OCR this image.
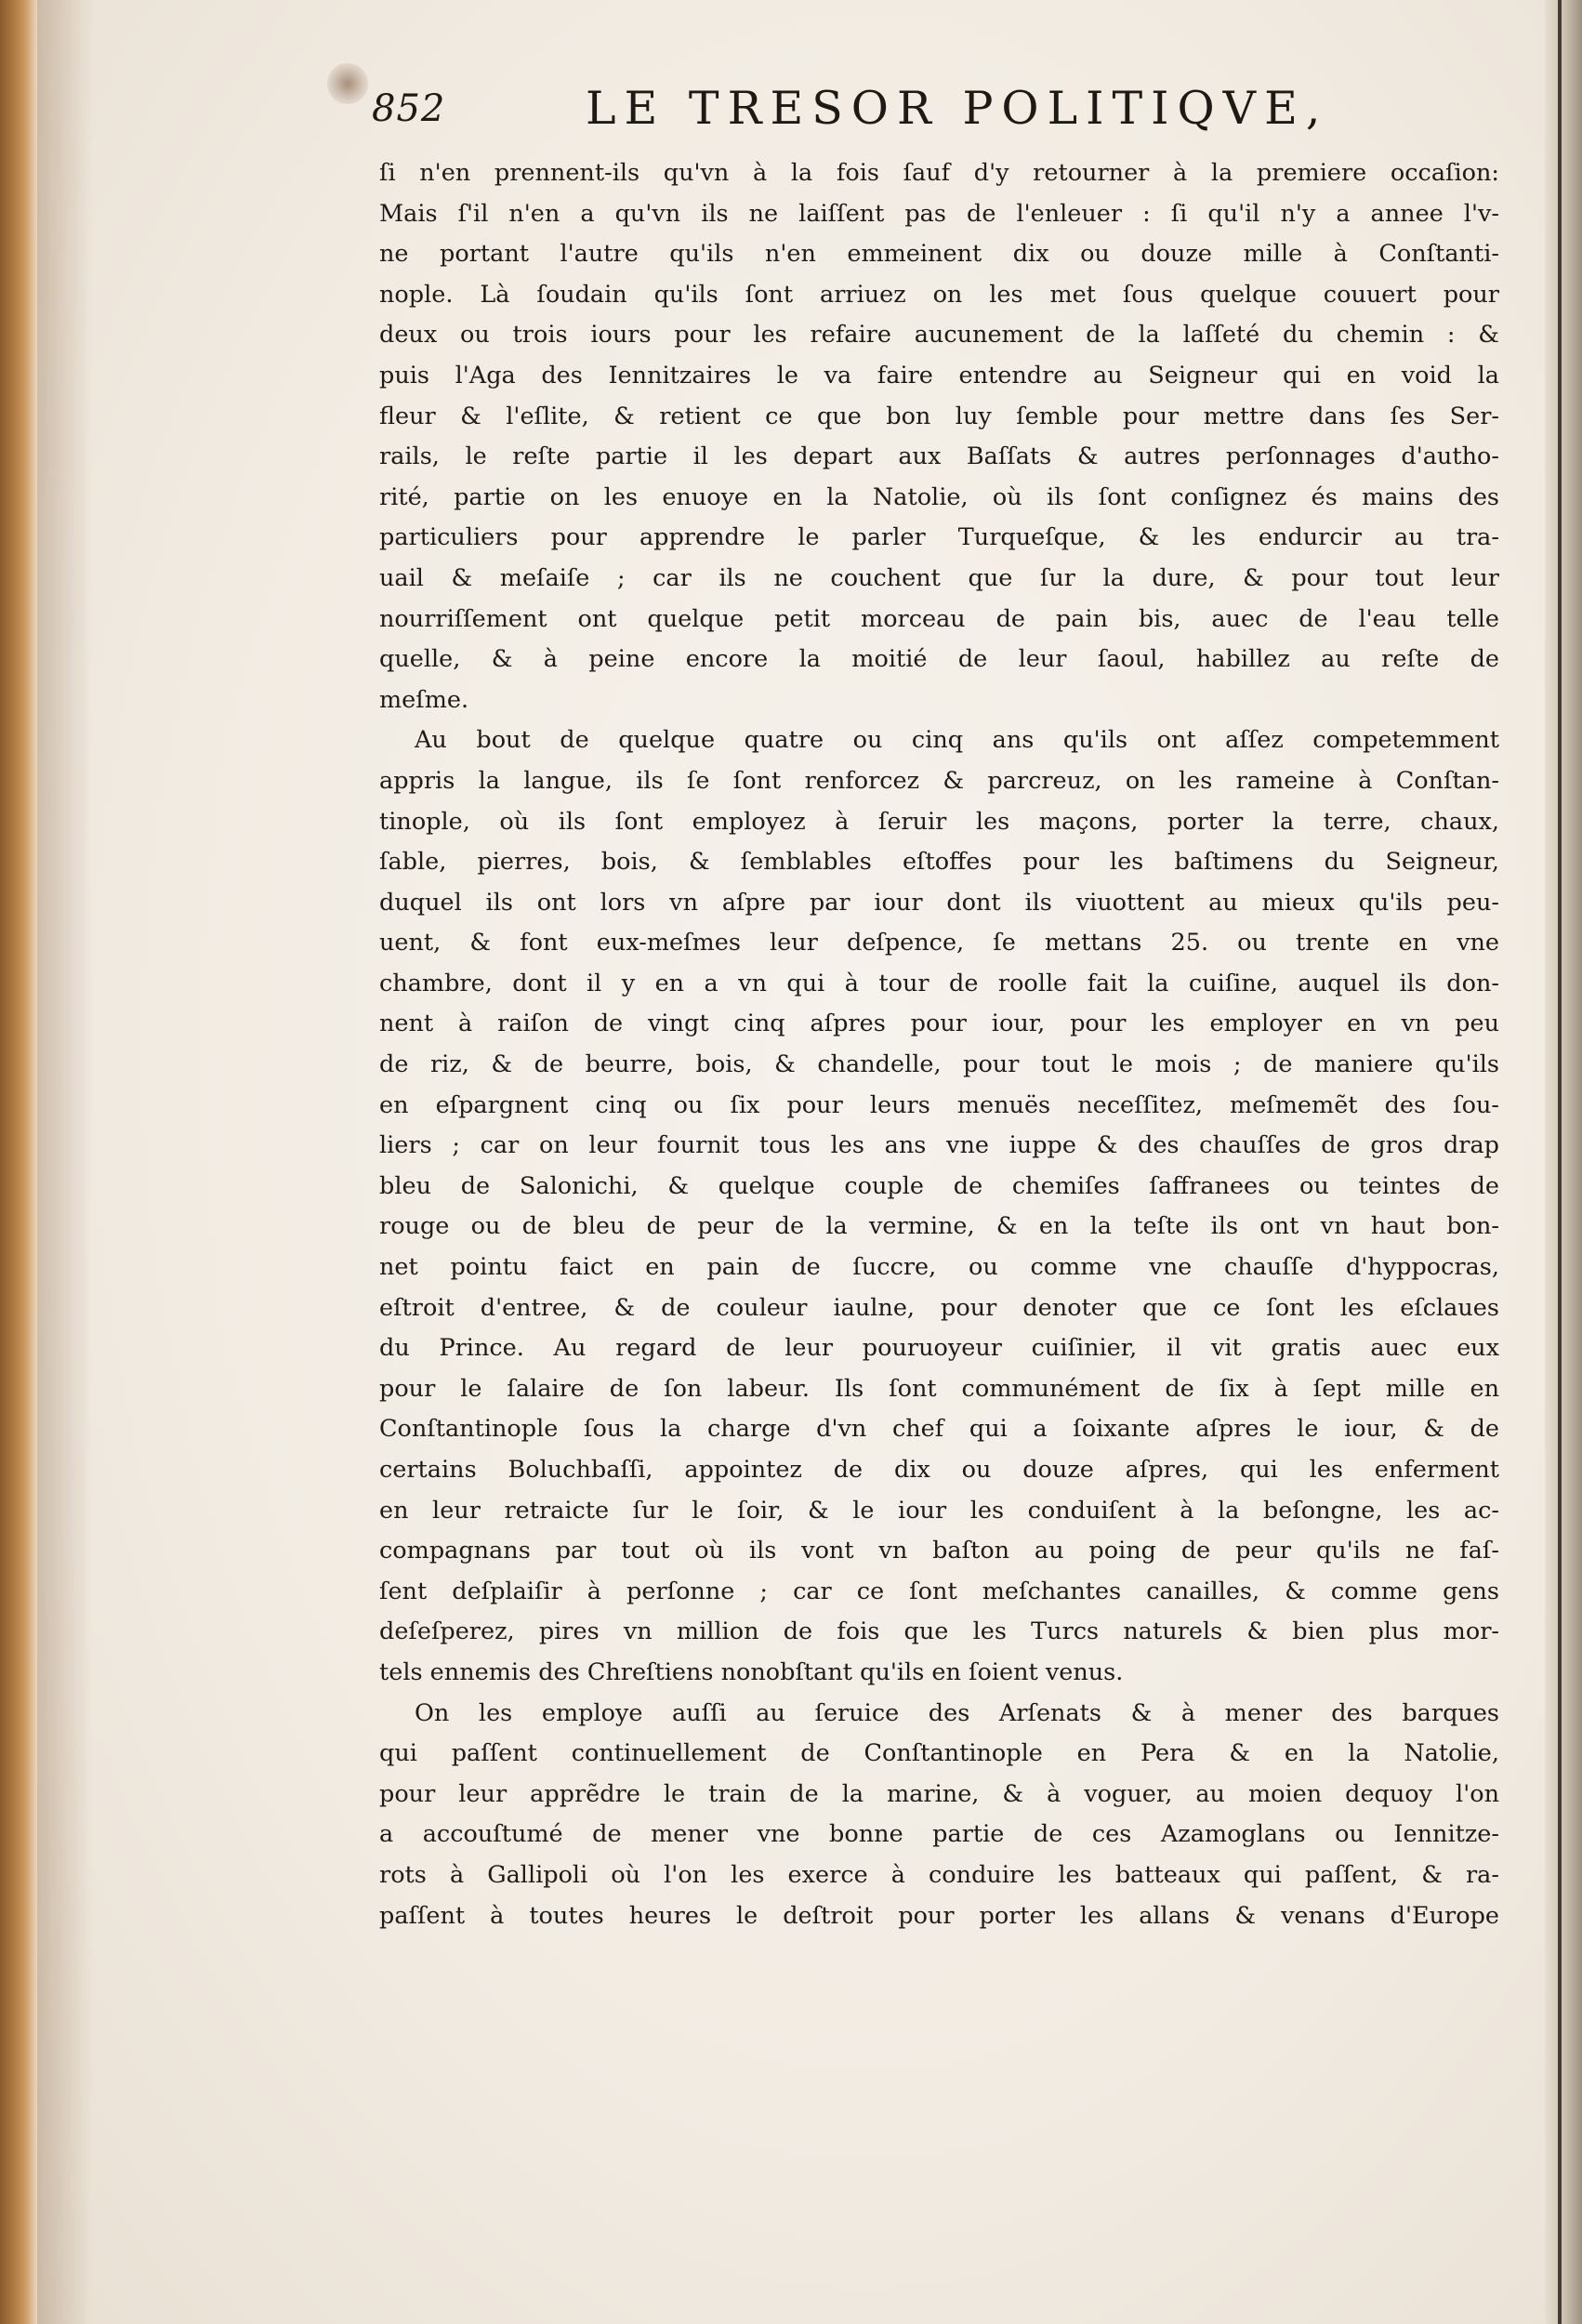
852	LE TRESOR POLITIQVE,
ſi n'en prennent-ils qu'vn à la fois ſauf d'y retourner à la premiere occaſion:
Mais ſ'il n'en a qu'vn ils ne laiſſent pas de l'enleuer : ſi qu'il n'y a annee l'v-
ne portant l'autre qu'ils n'en emmeinent dix ou douze mille à Conſtanti-
nople. Là ſoudain qu'ils ſont arriuez on les met ſous quelque couuert pour
deux ou trois iours pour les refaire aucunement de la laſſeté du chemin : &
puis l'Aga des Iennitzaires le va faire entendre au Seigneur qui en void la
fleur & l'eſlite, & retient ce que bon luy ſemble pour mettre dans ſes Ser-
rails, le reſte partie il les depart aux Baſſats & autres perſonnages d'autho-
rité, partie on les enuoye en la Natolie, où ils ſont conſignez és mains des
particuliers pour apprendre le parler Turqueſque, & les endurcir au tra-
uail & meſaiſe ; car ils ne couchent que ſur la dure, & pour tout leur
nourriſſement ont quelque petit morceau de pain bis, auec de l'eau telle
quelle, & à peine encore la moitié de leur ſaoul, habillez au reſte de
meſme.
Au bout de quelque quatre ou cinq ans qu'ils ont aſſez competemment
appris la langue, ils ſe ſont renforcez & parcreuz, on les rameine à Conſtan-
tinople, où ils ſont employez à ſeruir les maçons, porter la terre, chaux,
ſable, pierres, bois, & ſemblables eſtoffes pour les baſtimens du Seigneur,
duquel ils ont lors vn aſpre par iour dont ils viuottent au mieux qu'ils peu-
uent, & font eux-meſmes leur deſpence, ſe mettans 25. ou trente en vne
chambre, dont il y en a vn qui à tour de roolle fait la cuiſine, auquel ils don-
nent à raiſon de vingt cinq aſpres pour iour, pour les employer en vn peu
de riz, & de beurre, bois, & chandelle, pour tout le mois ; de maniere qu'ils
en eſpargnent cinq ou ſix pour leurs menuës neceſſitez, meſmemẽt des ſou-
liers ; car on leur fournit tous les ans vne iuppe & des chauſſes de gros drap
bleu de Salonichi, & quelque couple de chemiſes ſaffranees ou teintes de
rouge ou de bleu de peur de la vermine, & en la teſte ils ont vn haut bon-
net pointu faict en pain de ſuccre, ou comme vne chauſſe d'hyppocras,
eſtroit d'entree, & de couleur iaulne, pour denoter que ce ſont les eſclaues
du Prince. Au regard de leur pouruoyeur cuiſinier, il vit gratis auec eux
pour le ſalaire de ſon labeur. Ils ſont communément de ſix à ſept mille en
Conſtantinople ſous la charge d'vn chef qui a ſoixante aſpres le iour, & de
certains Boluchbaſſi, appointez de dix ou douze aſpres, qui les enferment
en leur retraicte ſur le ſoir, & le iour les conduiſent à la beſongne, les ac-
compagnans par tout où ils vont vn baſton au poing de peur qu'ils ne faſ-
ſent deſplaiſir à perſonne ; car ce ſont meſchantes canailles, & comme gens
deſeſperez, pires vn million de fois que les Turcs naturels & bien plus mor-
tels ennemis des Chreſtiens nonobſtant qu'ils en ſoient venus.
On les employe auſſi au ſeruice des Arſenats & à mener des barques
qui paſſent continuellement de Conſtantinople en Pera & en la Natolie,
pour leur apprẽdre le train de la marine, & à voguer, au moien dequoy l'on
a accouſtumé de mener vne bonne partie de ces Azamoglans ou Iennitze-
rots à Gallipoli où l'on les exerce à conduire les batteaux qui paſſent, & ra-
paſſent à toutes heures le deſtroit pour porter les allans & venans d'Europe
